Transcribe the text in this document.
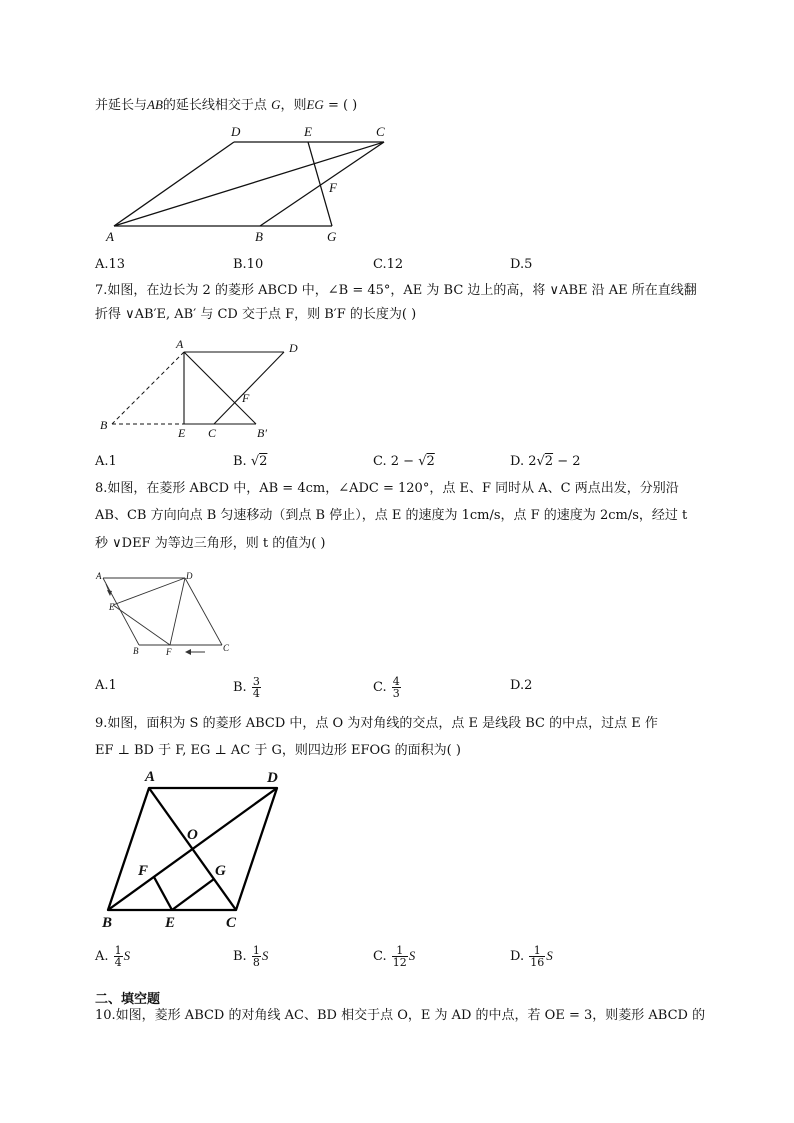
并延长与AB的延长线相交于点 G，则EG = ( )
D	E	C
F
A	B	G
A.13	B.10	C.12	D.5
7.如图，在边长为 2 的菱形 ABCD 中，∠B = 45°，AE 为 BC 边上的高，将 ∨ABE 沿 AE 所在直线翻
折得 ∨AB′E, AB′ 与 CD 交于点 F，则 B′F 的长度为( )
A	D
F
B
E C	B′
A.1	B. √2	C. 2 − √2	D. 2√2 − 2
8.如图，在菱形 ABCD 中，AB = 4cm，∠ADC = 120°，点 E、F 同时从 A、C 两点出发，分别沿
AB、CB 方向向点 B 匀速移动（到点 B 停止），点 E 的速度为 1cm/s，点 F 的速度为 2cm/s，经过 t
秒 ∨DEF 为等边三角形，则 t 的值为( )
A	D
E
B	F	C
A.1	B. $\frac{3}{4}$	C. $\frac{4}{3}$	D.2
9.如图，面积为 S 的菱形 ABCD 中，点 O 为对角线的交点，点 E 是线段 BC 的中点，过点 E 作
EF ⊥ BD 于 F, EG ⊥ AC 于 G，则四边形 EFOG 的面积为( )
A	D
O
F	G
B	E	C
A. $\frac{1}{4}$ S	B. $\frac{1}{8}$ S	C. $\frac{1}{12}$ S	D. $\frac{1}{16}$ S
二、填空题
10.如图，菱形 ABCD 的对角线 AC、BD 相交于点 O，E 为 AD 的中点，若 OE = 3，则菱形 ABCD 的
